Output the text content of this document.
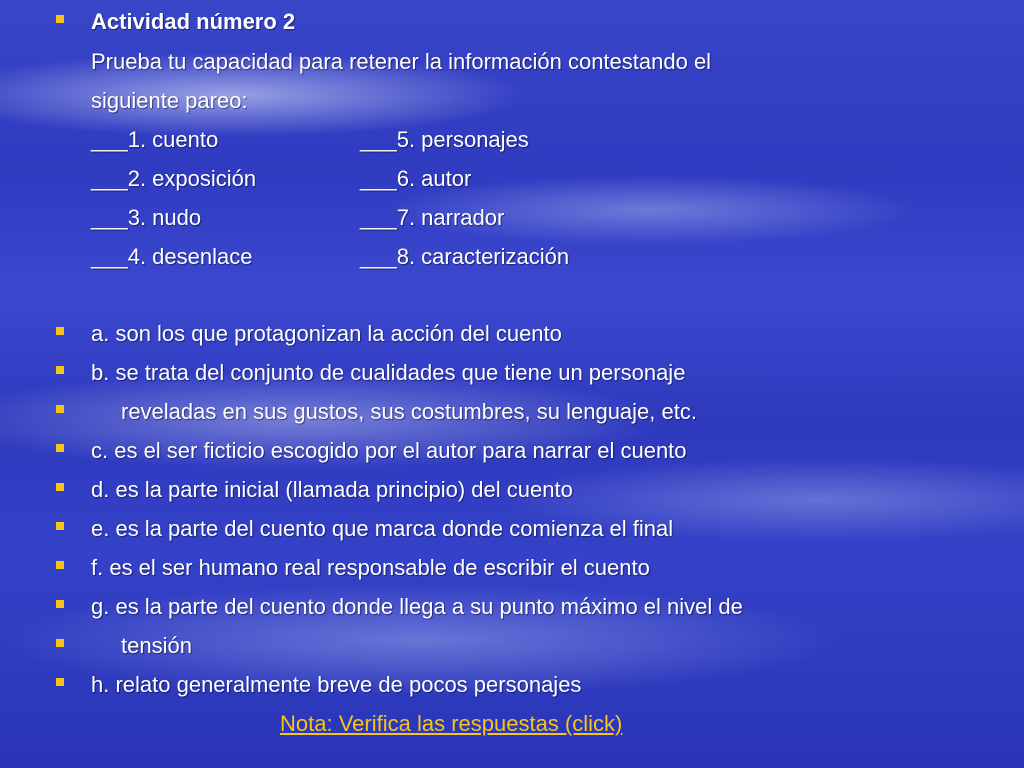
Actividad número 2
Prueba tu capacidad para retener la información contestando el
siguiente pareo:
___1. cuento	___5. personajes
___2. exposición	___6. autor
___3. nudo	___7. narrador
___4. desenlace	___8. caracterización
a. son los que protagonizan la acción del cuento
b. se trata del conjunto de cualidades que tiene un personaje
reveladas en sus gustos, sus costumbres, su lenguaje, etc.
c. es el ser ficticio escogido por el autor para narrar el cuento
d. es la parte inicial (llamada principio) del cuento
e. es la parte del cuento que marca donde comienza el final
f. es el ser humano real responsable de escribir el cuento
g. es la parte del cuento donde llega a su punto máximo el nivel de
tensión
h. relato generalmente breve de pocos personajes
Nota: Verifica las respuestas (click)
